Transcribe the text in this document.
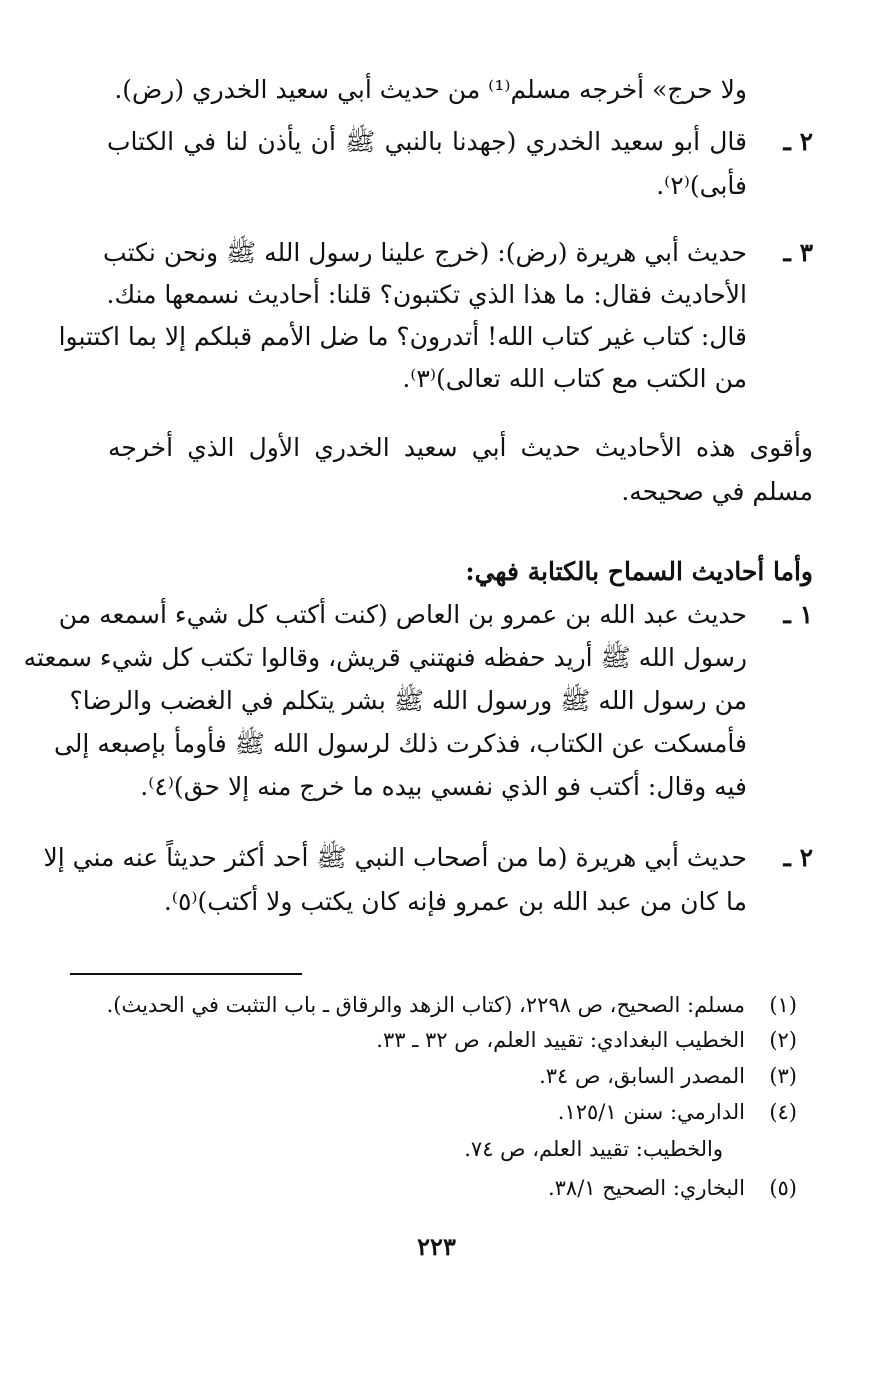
ولا حرج» أخرجه مسلم⁽¹⁾ من حديث أبي سعيد الخدري (رض).
٢ ـ
قال أبو سعيد الخدري (جهدنا بالنبي ﷺ أن يأذن لنا في الكتاب
فأبى)⁽٢⁾.
٣ ـ
حديث أبي هريرة (رض): (خرج علينا رسول الله ﷺ ونحن نكتب
الأحاديث فقال: ما هذا الذي تكتبون؟ قلنا: أحاديث نسمعها منك.
قال: كتاب غير كتاب الله! أتدرون؟ ما ضل الأمم قبلكم إلا بما اكتتبوا
من الكتب مع كتاب الله تعالى)⁽٣⁾.
وأقوى هذه الأحاديث حديث أبي سعيد الخدري الأول الذي أخرجه
مسلم في صحيحه.
وأما أحاديث السماح بالكتابة فهي:
١ ـ
حديث عبد الله بن عمرو بن العاص (كنت أكتب كل شيء أسمعه من
رسول الله ﷺ أريد حفظه فنهتني قريش، وقالوا تكتب كل شيء سمعته
من رسول الله ﷺ ورسول الله ﷺ بشر يتكلم في الغضب والرضا؟
فأمسكت عن الكتاب، فذكرت ذلك لرسول الله ﷺ فأومأ بإصبعه إلى
فيه وقال: أكتب فو الذي نفسي بيده ما خرج منه إلا حق)⁽٤⁾.
٢ ـ
حديث أبي هريرة (ما من أصحاب النبي ﷺ أحد أكثر حديثاً عنه مني إلا
ما كان من عبد الله بن عمرو فإنه كان يكتب ولا أكتب)⁽٥⁾.
(١)
مسلم: الصحيح، ص ٢٢٩٨، (كتاب الزهد والرقاق ـ باب التثبت في الحديث).
(٢)
الخطيب البغدادي: تقييد العلم، ص ٣٢ ـ ٣٣.
(٣)
المصدر السابق، ص ٣٤.
(٤)
الدارمي: سنن ١٢٥/١.
والخطيب: تقييد العلم، ص ٧٤.
(٥)
البخاري: الصحيح ٣٨/١.
٢٢٣
